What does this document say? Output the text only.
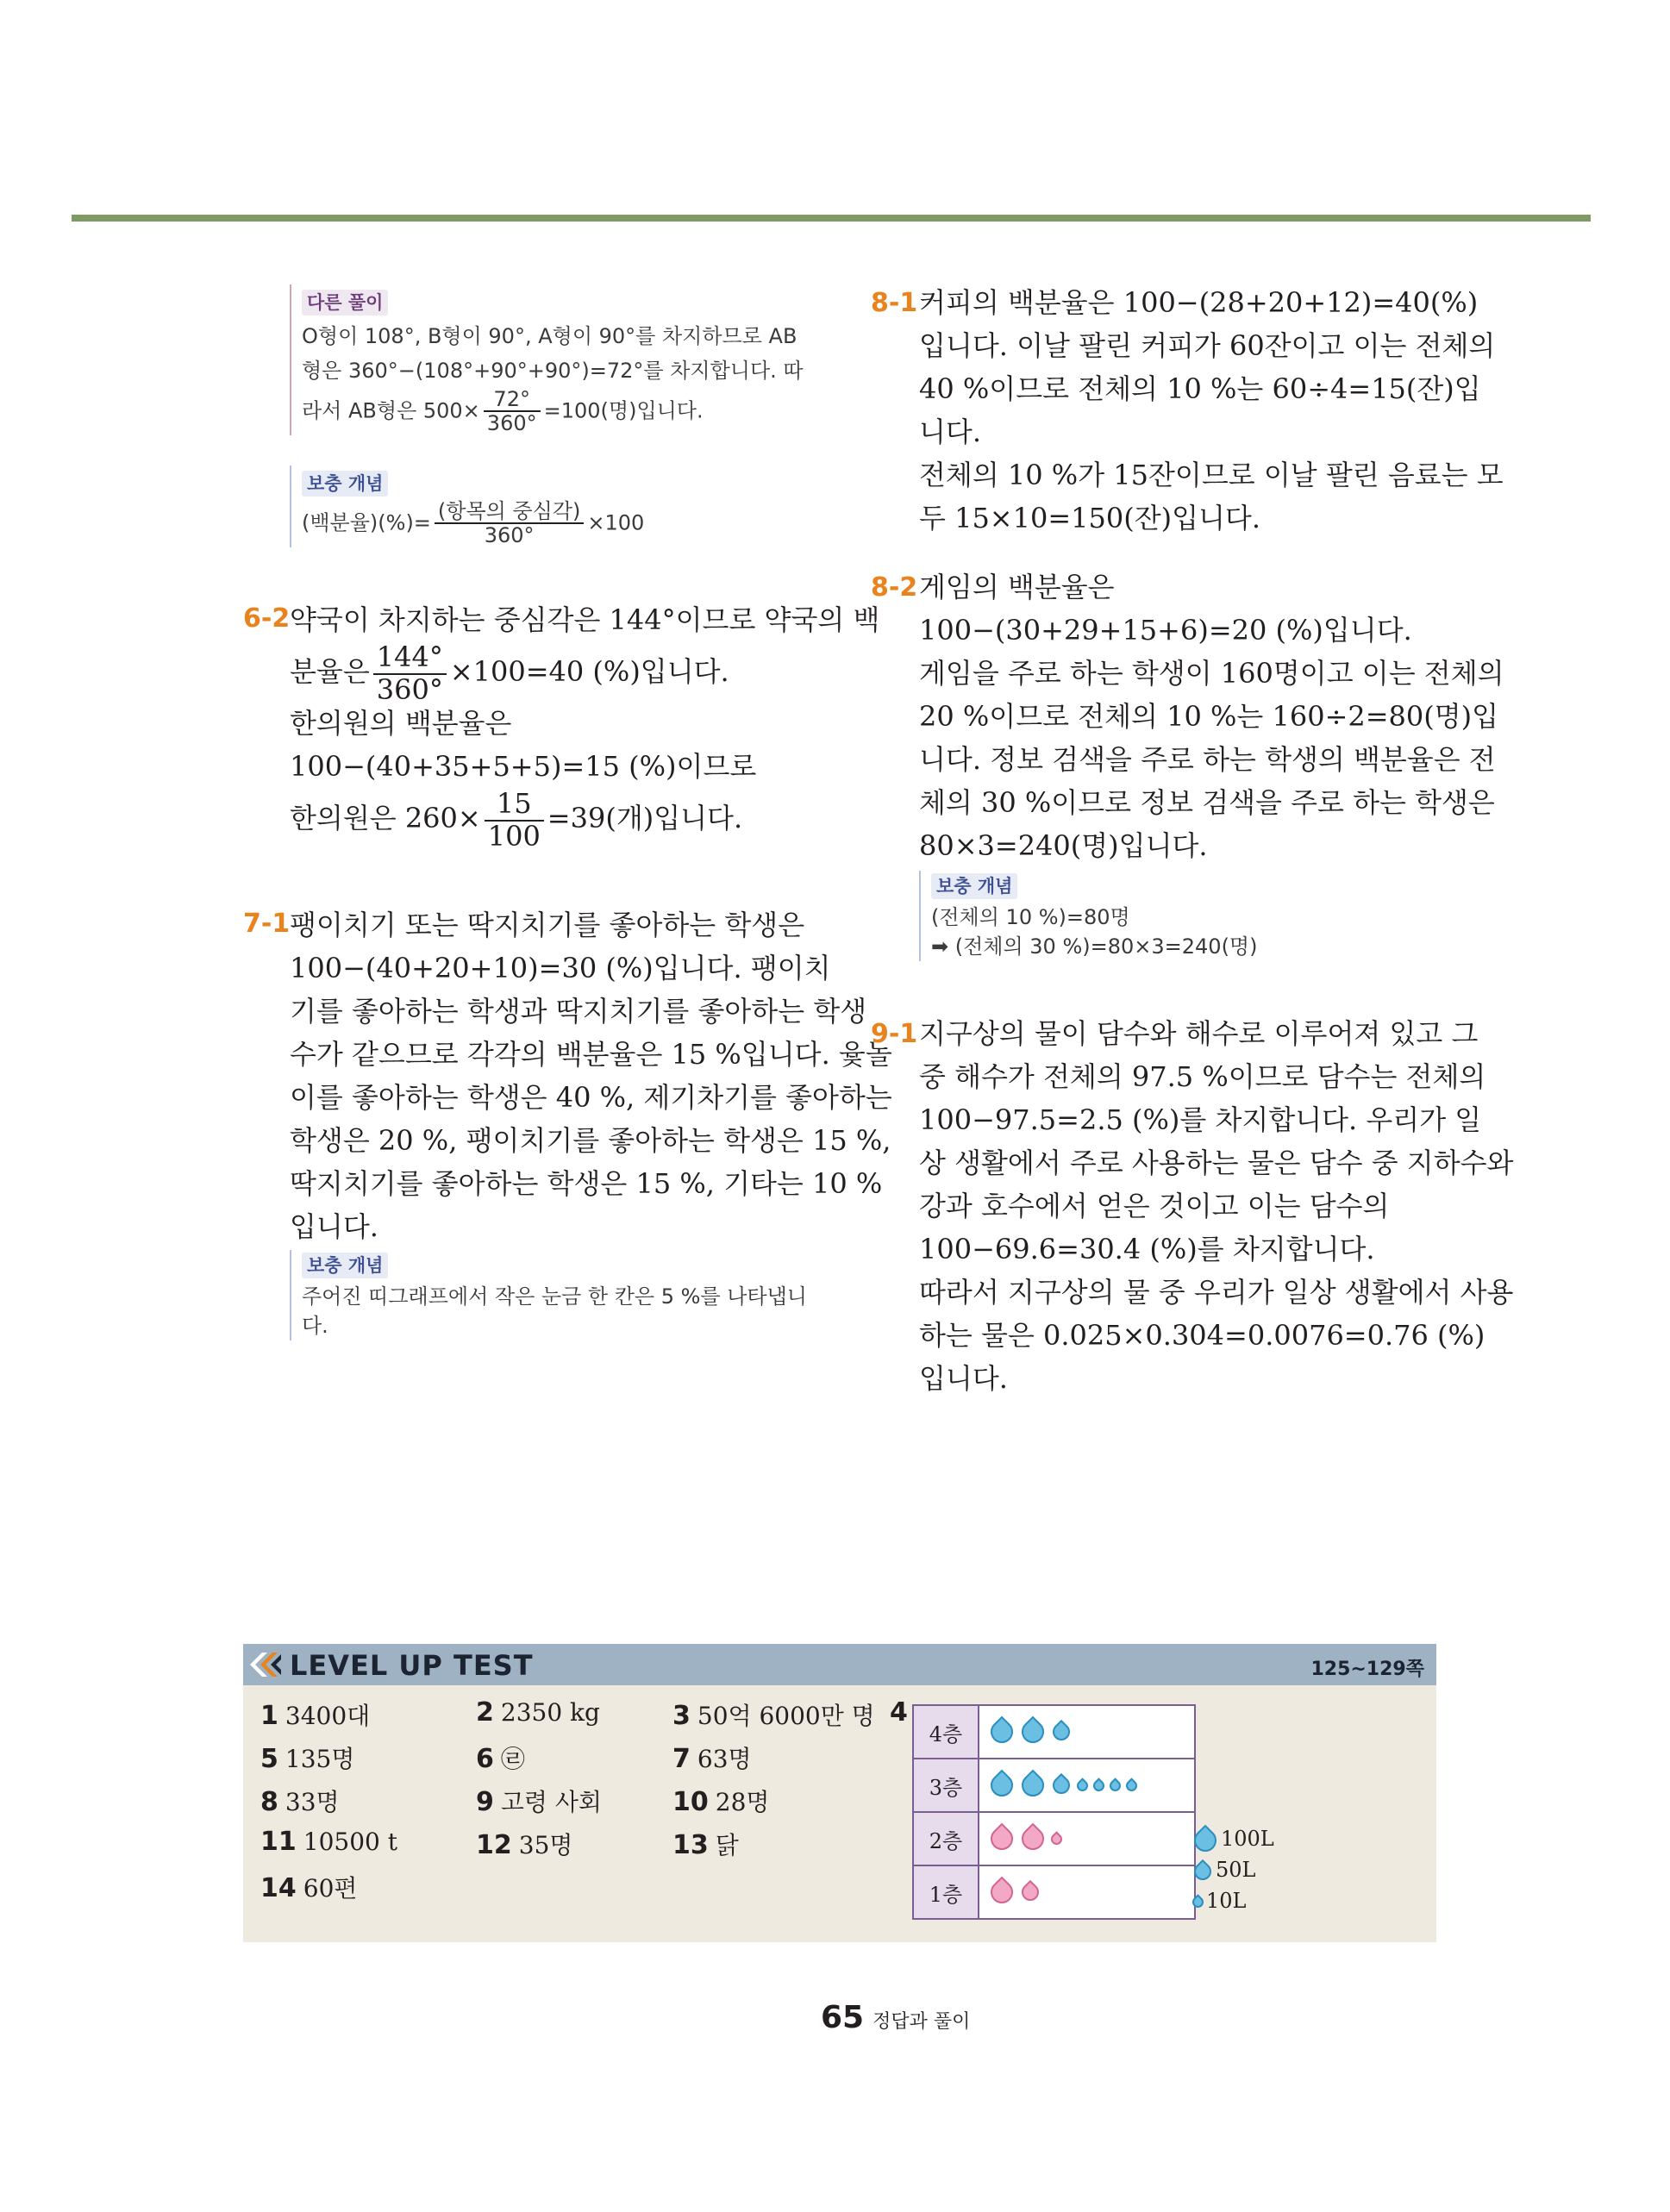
다른 풀이
O형이 108°, B형이 90°, A형이 90°를 차지하므로 AB
형은 360°−(108°+90°+90°)=72°를 차지합니다. 따
라서 AB형은 $500\times \frac{72^\circ}{360^\circ} =100$(명)입니다.
보충 개념
(백분율)(%)= $\frac{\text{(항목의 중심각)}}{360^\circ} \times 100$
6-2 약국이 차지하는 중심각은 144°이므로 약국의 백
분율은 $\frac{144^\circ}{360^\circ} \times 100=40$ (%)입니다.
한의원의 백분율은
100−(40+35+5+5)=15 (%)이므로
한의원은 $260\times \frac{15}{100} =39$(개)입니다.
7-1 팽이치기 또는 딱지치기를 좋아하는 학생은
100−(40+20+10)=30 (%)입니다. 팽이치
기를 좋아하는 학생과 딱지치기를 좋아하는 학생
수가 같으므로 각각의 백분율은 15 %입니다. 윷놀
이를 좋아하는 학생은 40 %, 제기차기를 좋아하는
학생은 20 %, 팽이치기를 좋아하는 학생은 15 %,
딱지치기를 좋아하는 학생은 15 %, 기타는 10 %
입니다.
보충 개념
주어진 띠그래프에서 작은 눈금 한 칸은 5 %를 나타냅니
다.
8-1 커피의 백분율은 100−(28+20+12)=40(%)
입니다. 이날 팔린 커피가 60잔이고 이는 전체의
40 %이므로 전체의 10 %는 60÷4=15(잔)입
니다.
전체의 10 %가 15잔이므로 이날 팔린 음료는 모
두 15×10=150(잔)입니다.
8-2 게임의 백분율은
100−(30+29+15+6)=20 (%)입니다.
게임을 주로 하는 학생이 160명이고 이는 전체의
20 %이므로 전체의 10 %는 160÷2=80(명)입
니다. 정보 검색을 주로 하는 학생의 백분율은 전
체의 30 %이므로 정보 검색을 주로 하는 학생은
80×3=240(명)입니다.
보충 개념
(전체의 10 %)=80명
➡ (전체의 30 %)=80×3=240(명)
9-1 지구상의 물이 담수와 해수로 이루어져 있고 그
중 해수가 전체의 97.5 %이므로 담수는 전체의
100−97.5=2.5 (%)를 차지합니다. 우리가 일
상 생활에서 주로 사용하는 물은 담수 중 지하수와
강과 호수에서 얻은 것이고 이는 담수의
100−69.6=30.4 (%)를 차지합니다.
따라서 지구상의 물 중 우리가 일상 생활에서 사용
하는 물은 0.025×0.304=0.0076=0.76 (%)
입니다.
LEVEL UP TEST	125~129쪽
4
4층	
3층	
2층	
1층	
100L
50L
10L
1 3400대	2 2350 kg	3 50억 6000만 명
5 135명	6 ㉣	7 63명
8 33명	9 고령 사회	10 28명
11 10500 t	12 35명	13 닭
14 60편
65 정답과 풀이
